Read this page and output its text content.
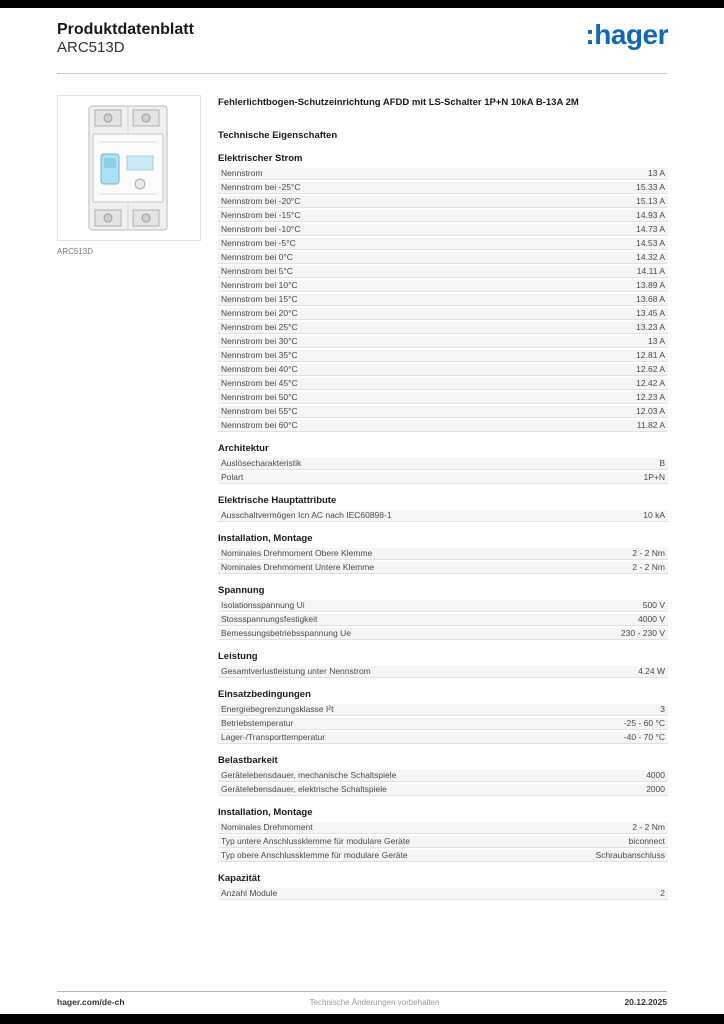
Produktdatenblatt
ARC513D	:hager
ARC513D
Fehlerlichtbogen-Schutzeinrichtung AFDD mit LS-Schalter 1P+N 10kA B-13A 2M
Technische Eigenschaften
Elektrischer Strom
Nennstrom	13 A
Nennstrom bei -25°C	15.33 A
Nennstrom bei -20°C	15.13 A
Nennstrom bei -15°C	14.93 A
Nennstrom bei -10°C	14.73 A
Nennstrom bei -5°C	14.53 A
Nennstrom bei 0°C	14.32 A
Nennstrom bei 5°C	14.11 A
Nennstrom bei 10°C	13.89 A
Nennstrom bei 15°C	13.68 A
Nennstrom bei 20°C	13.45 A
Nennstrom bei 25°C	13.23 A
Nennstrom bei 30°C	13 A
Nennstrom bei 35°C	12.81 A
Nennstrom bei 40°C	12.62 A
Nennstrom bei 45°C	12.42 A
Nennstrom bei 50°C	12.23 A
Nennstrom bei 55°C	12.03 A
Nennstrom bei 60°C	11.82 A
Architektur
Auslösecharakteristik	B
Polart	1P+N
Elektrische Hauptattribute
Ausschaltvermögen Icn AC nach IEC60898-1	10 kA
Installation, Montage
Nominales Drehmoment Obere Klemme	2 - 2 Nm
Nominales Drehmoment Untere Klemme	2 - 2 Nm
Spannung
Isolationsspannung Ui	500 V
Stossspannungsfestigkeit	4000 V
Bemessungsbetriebsspannung Ue	230 - 230 V
Leistung
Gesamtverlustleistung unter Nennstrom	4.24 W
Einsatzbedingungen
Energiebegrenzungsklasse I²t	3
Betriebstemperatur	-25 - 60 °C
Lager-/Transporttemperatur	-40 - 70 °C
Belastbarkeit
Gerätelebensdauer, mechanische Schaltspiele	4000
Gerätelebensdauer, elektrische Schaltspiele	2000
Installation, Montage
Nominales Drehmoment	2 - 2 Nm
Typ untere Anschlussklemme für modulare Geräte	biconnect
Typ obere Anschlussklemme für modulare Geräte	Schraubanschluss
Kapazität
Anzahl Module	2
hager.com/de-ch	Technische Änderungen vorbehalten	20.12.2025
